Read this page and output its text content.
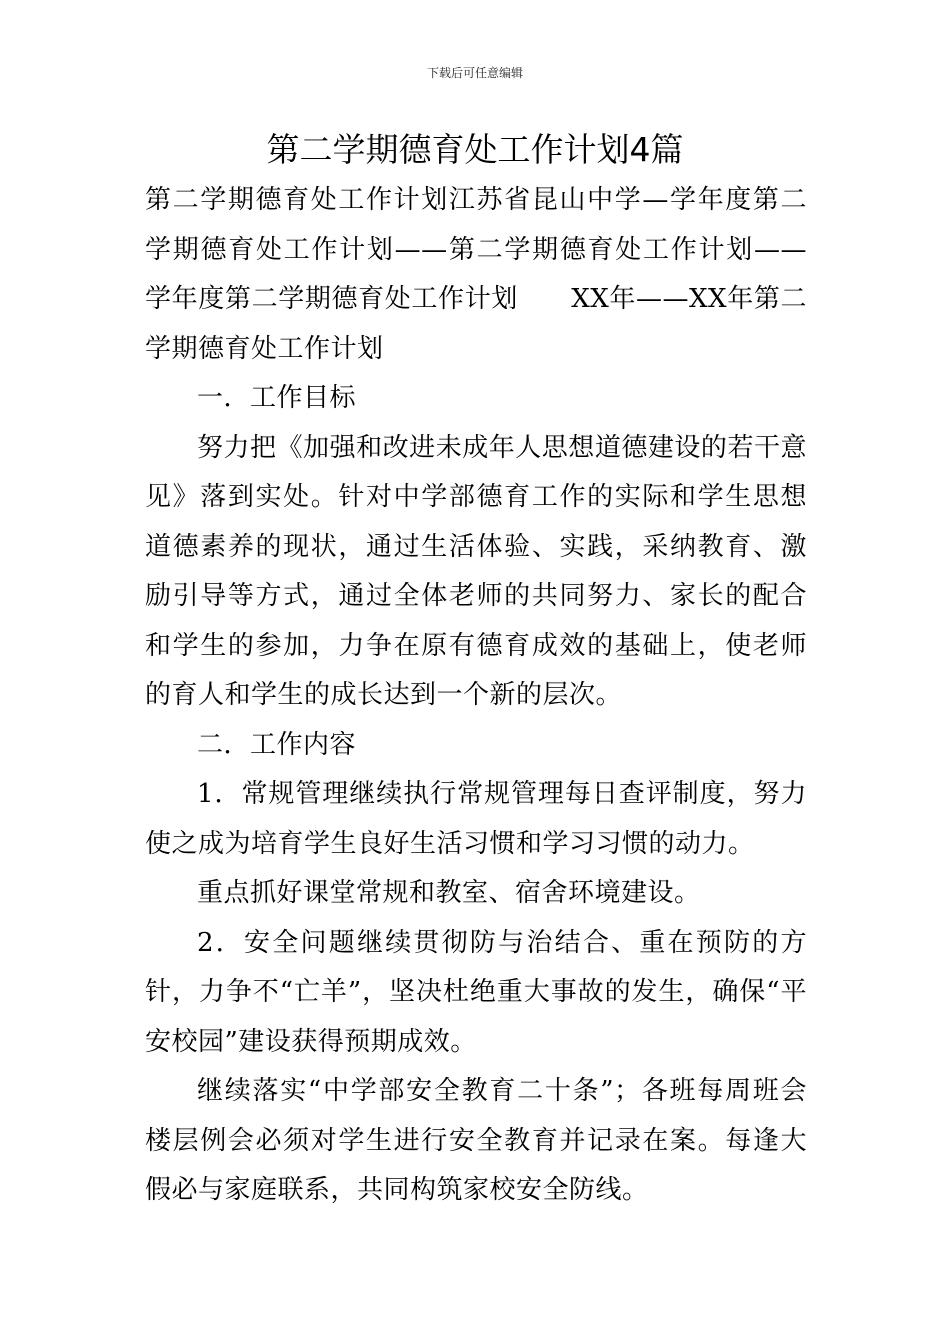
下载后可任意编辑
第二学期德育处工作计划4篇

第二学期德育处工作计划江苏省昆山中学—学年度第二学期德育处工作计划——第二学期德育处工作计划——学年度第二学期德育处工作计划　　XX年——XX年第二学期德育处工作计划

一．工作目标

努力把《加强和改进未成年人思想道德建设的若干意见》落到实处。针对中学部德育工作的实际和学生思想道德素养的现状，通过生活体验、实践，采纳教育、激励引导等方式，通过全体老师的共同努力、家长的配合和学生的参加，力争在原有德育成效的基础上，使老师的育人和学生的成长达到一个新的层次。

二．工作内容

1．常规管理继续执行常规管理每日查评制度，努力使之成为培育学生良好生活习惯和学习习惯的动力。

重点抓好课堂常规和教室、宿舍环境建设。

2．安全问题继续贯彻防与治结合、重在预防的方针，力争不“亡羊”，坚决杜绝重大事故的发生，确保“平安校园”建设获得预期成效。

继续落实“中学部安全教育二十条”；各班每周班会楼层例会必须对学生进行安全教育并记录在案。每逢大假必与家庭联系，共同构筑家校安全防线。
